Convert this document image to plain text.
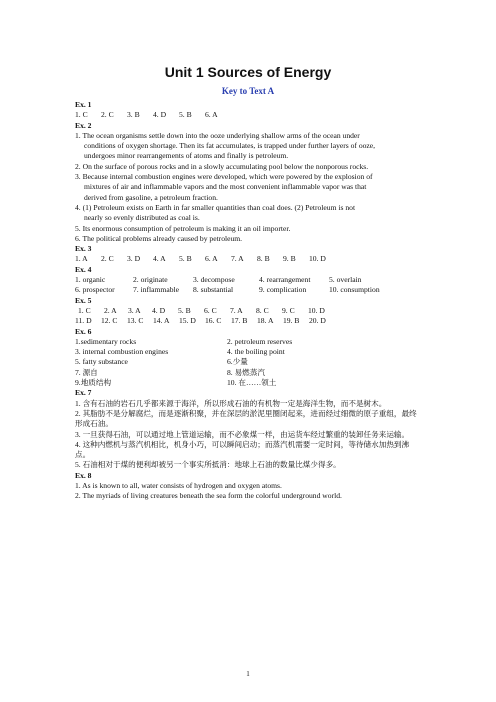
Unit 1 Sources of Energy
Key to Text A
Ex. 1
1. C	2. C	3. B	4. D	5. B	6. A
Ex. 2
1. The ocean organisms settle down into the ooze underlying shallow arms of the ocean under
conditions of oxygen shortage. Then its fat accumulates, is trapped under further layers of ooze,
undergoes minor rearrangements of atoms and finally is petroleum.
2. On the surface of porous rocks and in a slowly accumulating pool below the nonporous rocks.
3. Because internal combustion engines were developed, which were powered by the explosion of
mixtures of air and inflammable vapors and the most convenient inflammable vapor was that
derived from gasoline, a petroleum fraction.
4. (1) Petroleum exists on Earth in far smaller quantities than coal does. (2) Petroleum is not
nearly so evenly distributed as coal is.
5. Its enormous consumption of petroleum is making it an oil importer.
6. The political problems already caused by petroleum.
Ex. 3
1. A	2. C	3. D	4. A	5. B	6. A	7. A	8. B	9. B	10. D
Ex. 4
1. organic	2. originate	3. decompose	4. rearrangement	5. overlain
6. prospector	7. inflammable	8. substantial	9. complication	10. consumption
Ex. 5
1. C	2. A	3. A	4. D	5. B	6. C	7. A	8. C	9. C	10. D
11. D	12. C	13. C	14. A	15. D	16. C	17. B	18. A	19. B	20. D
Ex. 6
1.sedimentary rocks	2. petroleum reserves
3. internal combustion engines	4. the boiling point
5. fatty substance	6.少量
7. 源自	8. 易燃蒸汽
9.地质结构	10. 在……领土
Ex. 7
1. 含有石油的岩石几乎都来源于海洋，所以形成石油的有机物一定是海洋生物，而不是树木。
2. 其脂肪不是分解腐烂，而是逐渐积聚，并在深层的淤泥里圈闭起来，进而经过细微的原子重组，最终形成石油。
3. 一旦获得石油，可以通过地上管道运输，而不必象煤一样，由运货车经过繁重的装卸任务来运输。
4. 这种内燃机与蒸汽机相比，机身小巧，可以瞬间启动；而蒸汽机需要一定时间，等待储水加热到沸点。
5. 石油相对于煤的便利却被另一个事实所抵消：地球上石油的数量比煤少得多。
Ex. 8
1. As is known to all, water consists of hydrogen and oxygen atoms.
2. The myriads of living creatures beneath the sea form the colorful underground world.
1
